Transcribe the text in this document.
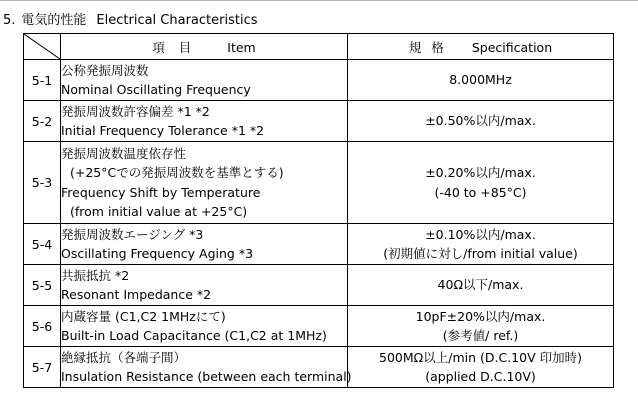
5. 電気的性能 Electrical Characteristics
	項目 Item	規格 Specification
5-1	公称発振周波数
Nominal Oscillating Frequency	8.000MHz

5-2	発振周波数許容偏差 *1 *2
Initial Frequency Tolerance *1 *2	±0.50%以内/max.

5-3	発振周波数温度依存性
(+25°Cでの発振周波数を基準とする)
Frequency Shift by Temperature
(from initial value at +25°C)	±0.20%以内/max.
(-40 to +85°C)

5-4	発振周波数エージング *3
Oscillating Frequency Aging *3	±0.10%以内/max.
(初期値に対し/from initial value)

5-5	共振抵抗 *2
Resonant Impedance *2	40Ω以下/max.

5-6	内蔵容量 (C1,C2 1MHzにて)
Built-in Load Capacitance (C1,C2 at 1MHz)	10pF±20%以内/max.
(参考値/ ref.)

5-7	絶縁抵抗（各端子間）
Insulation Resistance (between each terminal)	500MΩ以上/min (D.C.10V 印加時)
(applied D.C.10V)
